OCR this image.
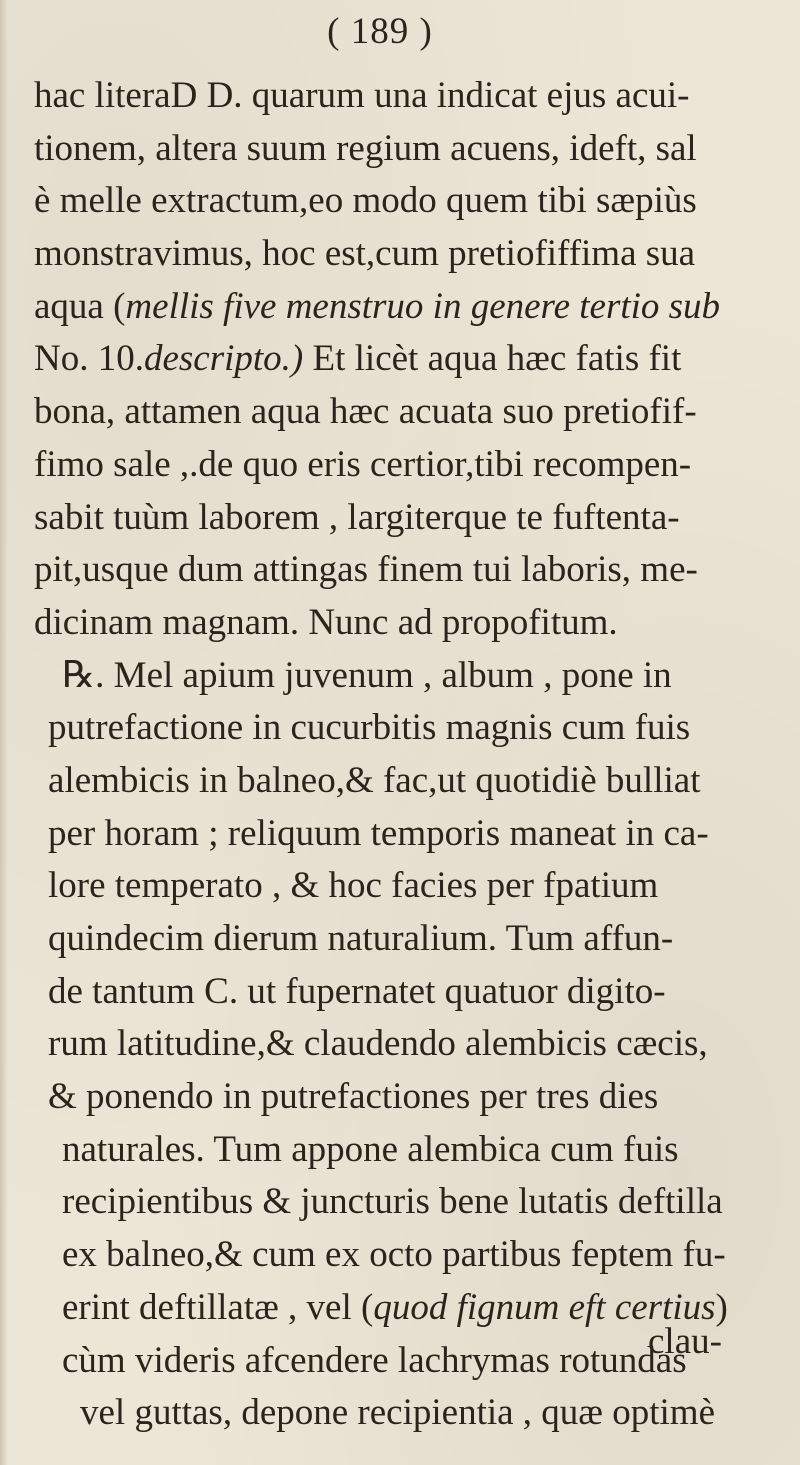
( 189 )
hac literaD D. quarum una indicat ejus acui-
tionem, altera suum regium acuens, ideft, sal
è melle extractum,eo modo quem tibi sæpiùs
monstravimus, hoc est,cum pretiofiffima sua
aqua (mellis five menstruo in genere tertio sub
No. 10.descripto.) Et licèt aqua hæc fatis fit
bona, attamen aqua hæc acuata suo pretiofif-
fimo sale ,.de quo eris certior,tibi recompen-
sabit tuùm laborem , largiterque te fuftenta-
pit,usque dum attingas finem tui laboris, me-
dicinam magnam. Nunc ad propofitum.
℞. Mel apium juvenum , album , pone in
putrefactione in cucurbitis magnis cum fuis
alembicis in balneo,& fac,ut quotidiè bulliat
per horam ; reliquum temporis maneat in ca-
lore temperato , & hoc facies per fpatium
quindecim dierum naturalium. Tum affun-
de tantum C. ut fupernatet quatuor digito-
rum latitudine,& claudendo alembicis cæcis,
& ponendo in putrefactiones per tres dies
naturales. Tum appone alembica cum fuis
recipientibus & juncturis bene lutatis deftilla
ex balneo,& cum ex octo partibus feptem fu-
erint deftillatæ , vel (quod fignum eft certius)
cùm videris afcendere lachrymas rotundas
vel guttas, depone recipientia , quæ optimè
clau-
